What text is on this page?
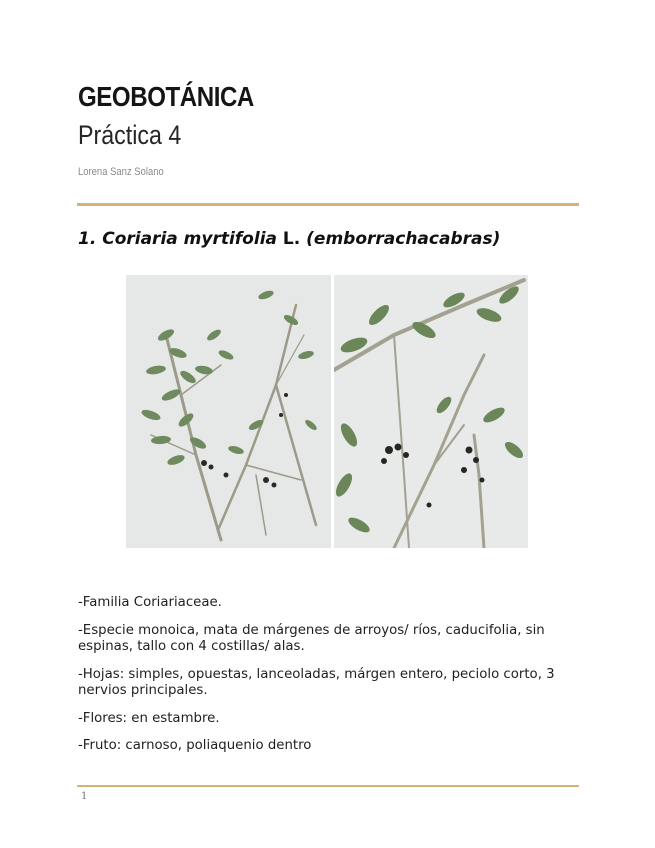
GEOBOTÁNICA
Práctica 4

Lorena Sanz Solano

1. Coriaria myrtifolia L. (emborrachacabras)
-Familia Coriariaceae.
-Especie monoica, mata de márgenes de arroyos/ ríos, caducifolia, sin espinas, tallo con 4 costillas/ alas.
-Hojas: simples, opuestas, lanceoladas, márgen entero, peciolo corto, 3 nervios principales.
-Flores: en estambre.
-Fruto: carnoso, poliaquenio dentro
1
